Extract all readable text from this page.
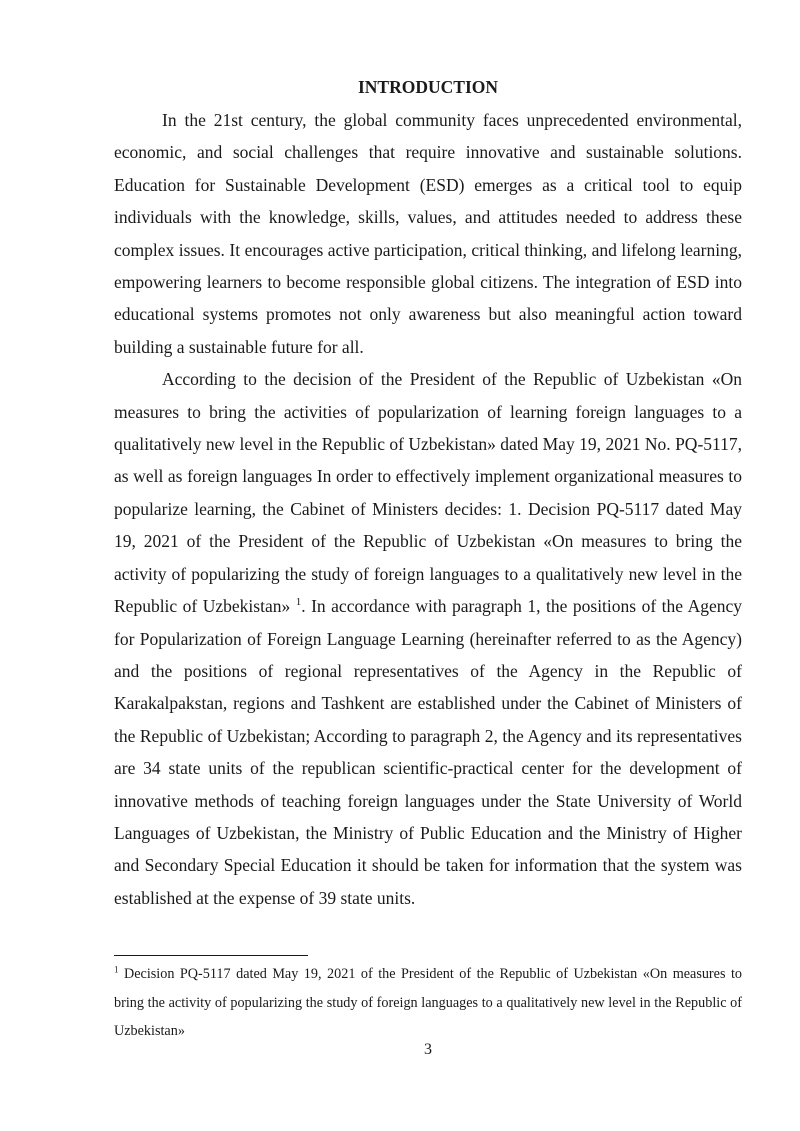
INTRODUCTION

In the 21st century, the global community faces unprecedented environmental, economic, and social challenges that require innovative and sustainable solutions. Education for Sustainable Development (ESD) emerges as a critical tool to equip individuals with the knowledge, skills, values, and attitudes needed to address these complex issues. It encourages active participation, critical thinking, and lifelong learning, empowering learners to become responsible global citizens. The integration of ESD into educational systems promotes not only awareness but also meaningful action toward building a sustainable future for all.

According to the decision of the President of the Republic of Uzbekistan «On measures to bring the activities of popularization of learning foreign languages to a qualitatively new level in the Republic of Uzbekistan» dated May 19, 2021 No. PQ-5117, as well as foreign languages In order to effectively implement organizational measures to popularize learning, the Cabinet of Ministers decides: 1. Decision PQ-5117 dated May 19, 2021 of the President of the Republic of Uzbekistan «On measures to bring the activity of popularizing the study of foreign languages to a qualitatively new level in the Republic of Uzbekistan» $^1$. In accordance with paragraph 1, the positions of the Agency for Popularization of Foreign Language Learning (hereinafter referred to as the Agency) and the positions of regional representatives of the Agency in the Republic of Karakalpakstan, regions and Tashkent are established under the Cabinet of Ministers of the Republic of Uzbekistan; According to paragraph 2, the Agency and its representatives are 34 state units of the republican scientific-practical center for the development of innovative methods of teaching foreign languages under the State University of World Languages of Uzbekistan, the Ministry of Public Education and the Ministry of Higher and Secondary Special Education it should be taken for information that the system was established at the expense of 39 state units.

$^1$ Decision PQ-5117 dated May 19, 2021 of the President of the Republic of Uzbekistan «On measures to bring the activity of popularizing the study of foreign languages to a qualitatively new level in the Republic of Uzbekistan»

3
